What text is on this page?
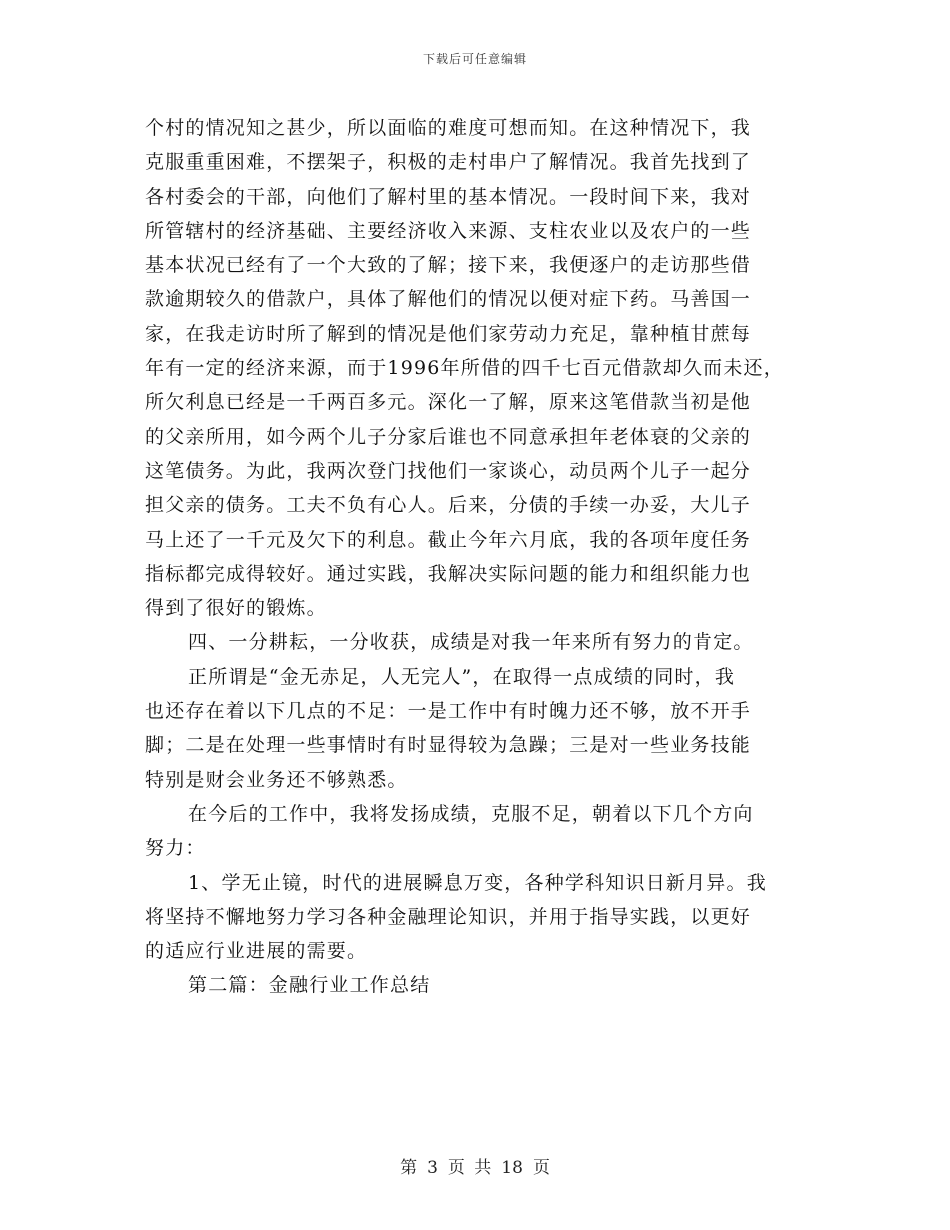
下载后可任意编辑

个村的情况知之甚少，所以面临的难度可想而知。在这种情况下，我
克服重重困难，不摆架子，积极的走村串户了解情况。我首先找到了
各村委会的干部，向他们了解村里的基本情况。一段时间下来，我对
所管辖村的经济基础、主要经济收入来源、支柱农业以及农户的一些
基本状况已经有了一个大致的了解；接下来，我便逐户的走访那些借
款逾期较久的借款户，具体了解他们的情况以便对症下药。马善国一
家，在我走访时所了解到的情况是他们家劳动力充足，靠种植甘蔗每
年有一定的经济来源，而于1996年所借的四千七百元借款却久而未还，
所欠利息已经是一千两百多元。深化一了解，原来这笔借款当初是他
的父亲所用，如今两个儿子分家后谁也不同意承担年老体衰的父亲的
这笔债务。为此，我两次登门找他们一家谈心，动员两个儿子一起分
担父亲的债务。工夫不负有心人。后来，分债的手续一办妥，大儿子
马上还了一千元及欠下的利息。截止今年六月底，我的各项年度任务
指标都完成得较好。通过实践，我解决实际问题的能力和组织能力也
得到了很好的锻炼。

四、一分耕耘，一分收获，成绩是对我一年来所有努力的肯定。

正所谓是“金无赤足，人无完人”，在取得一点成绩的同时，我
也还存在着以下几点的不足：一是工作中有时魄力还不够，放不开手
脚；二是在处理一些事情时有时显得较为急躁；三是对一些业务技能
特别是财会业务还不够熟悉。

在今后的工作中，我将发扬成绩，克服不足，朝着以下几个方向
努力：

1、学无止镜，时代的进展瞬息万变，各种学科知识日新月异。我
将坚持不懈地努力学习各种金融理论知识，并用于指导实践，以更好
的适应行业进展的需要。

第二篇：金融行业工作总结

第 3 页 共 18 页
